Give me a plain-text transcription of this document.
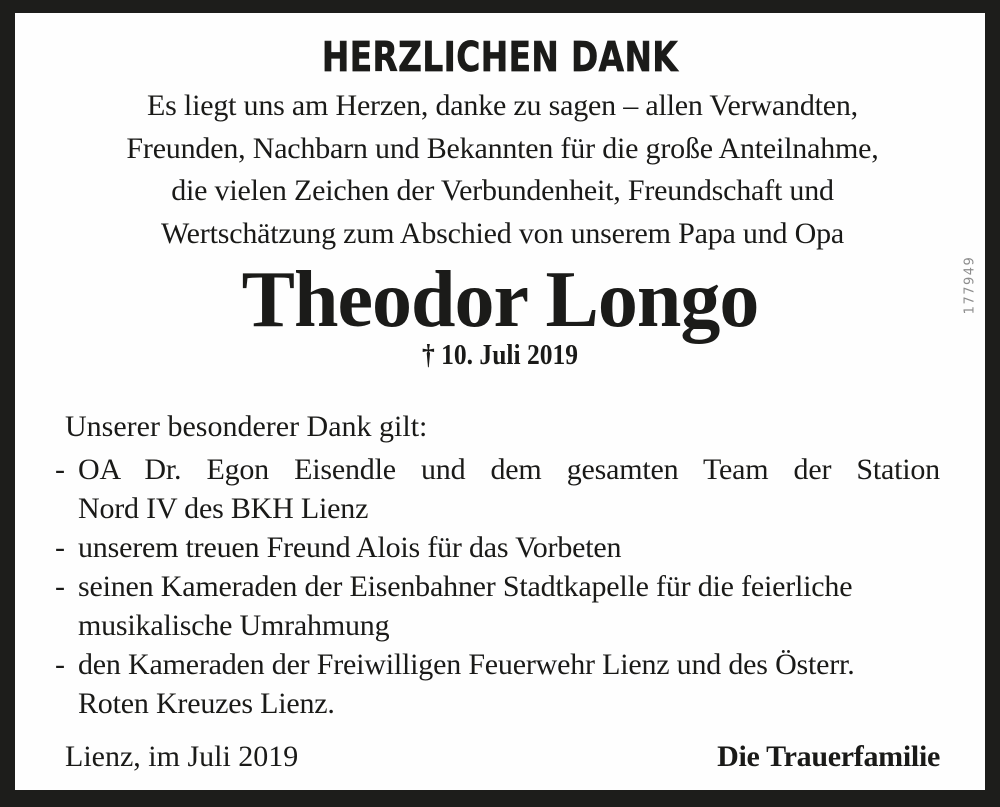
HERZLICHEN DANK
Es liegt uns am Herzen, danke zu sagen – allen Verwandten,
Freunden, Nachbarn und Bekannten für die große Anteilnahme,
die vielen Zeichen der Verbundenheit, Freundschaft und
Wertschätzung zum Abschied von unserem Papa und Opa
Theodor Longo
† 10. Juli 2019
Unserer besonderer Dank gilt:
- OA Dr. Egon Eisendle und dem gesamten Team der Station
Nord IV des BKH Lienz
- unserem treuen Freund Alois für das Vorbeten
- seinen Kameraden der Eisenbahner Stadtkapelle für die feierliche
musikalische Umrahmung
- den Kameraden der Freiwilligen Feuerwehr Lienz und des Österr.
Roten Kreuzes Lienz.
Lienz, im Juli 2019	Die Trauerfamilie
177949
